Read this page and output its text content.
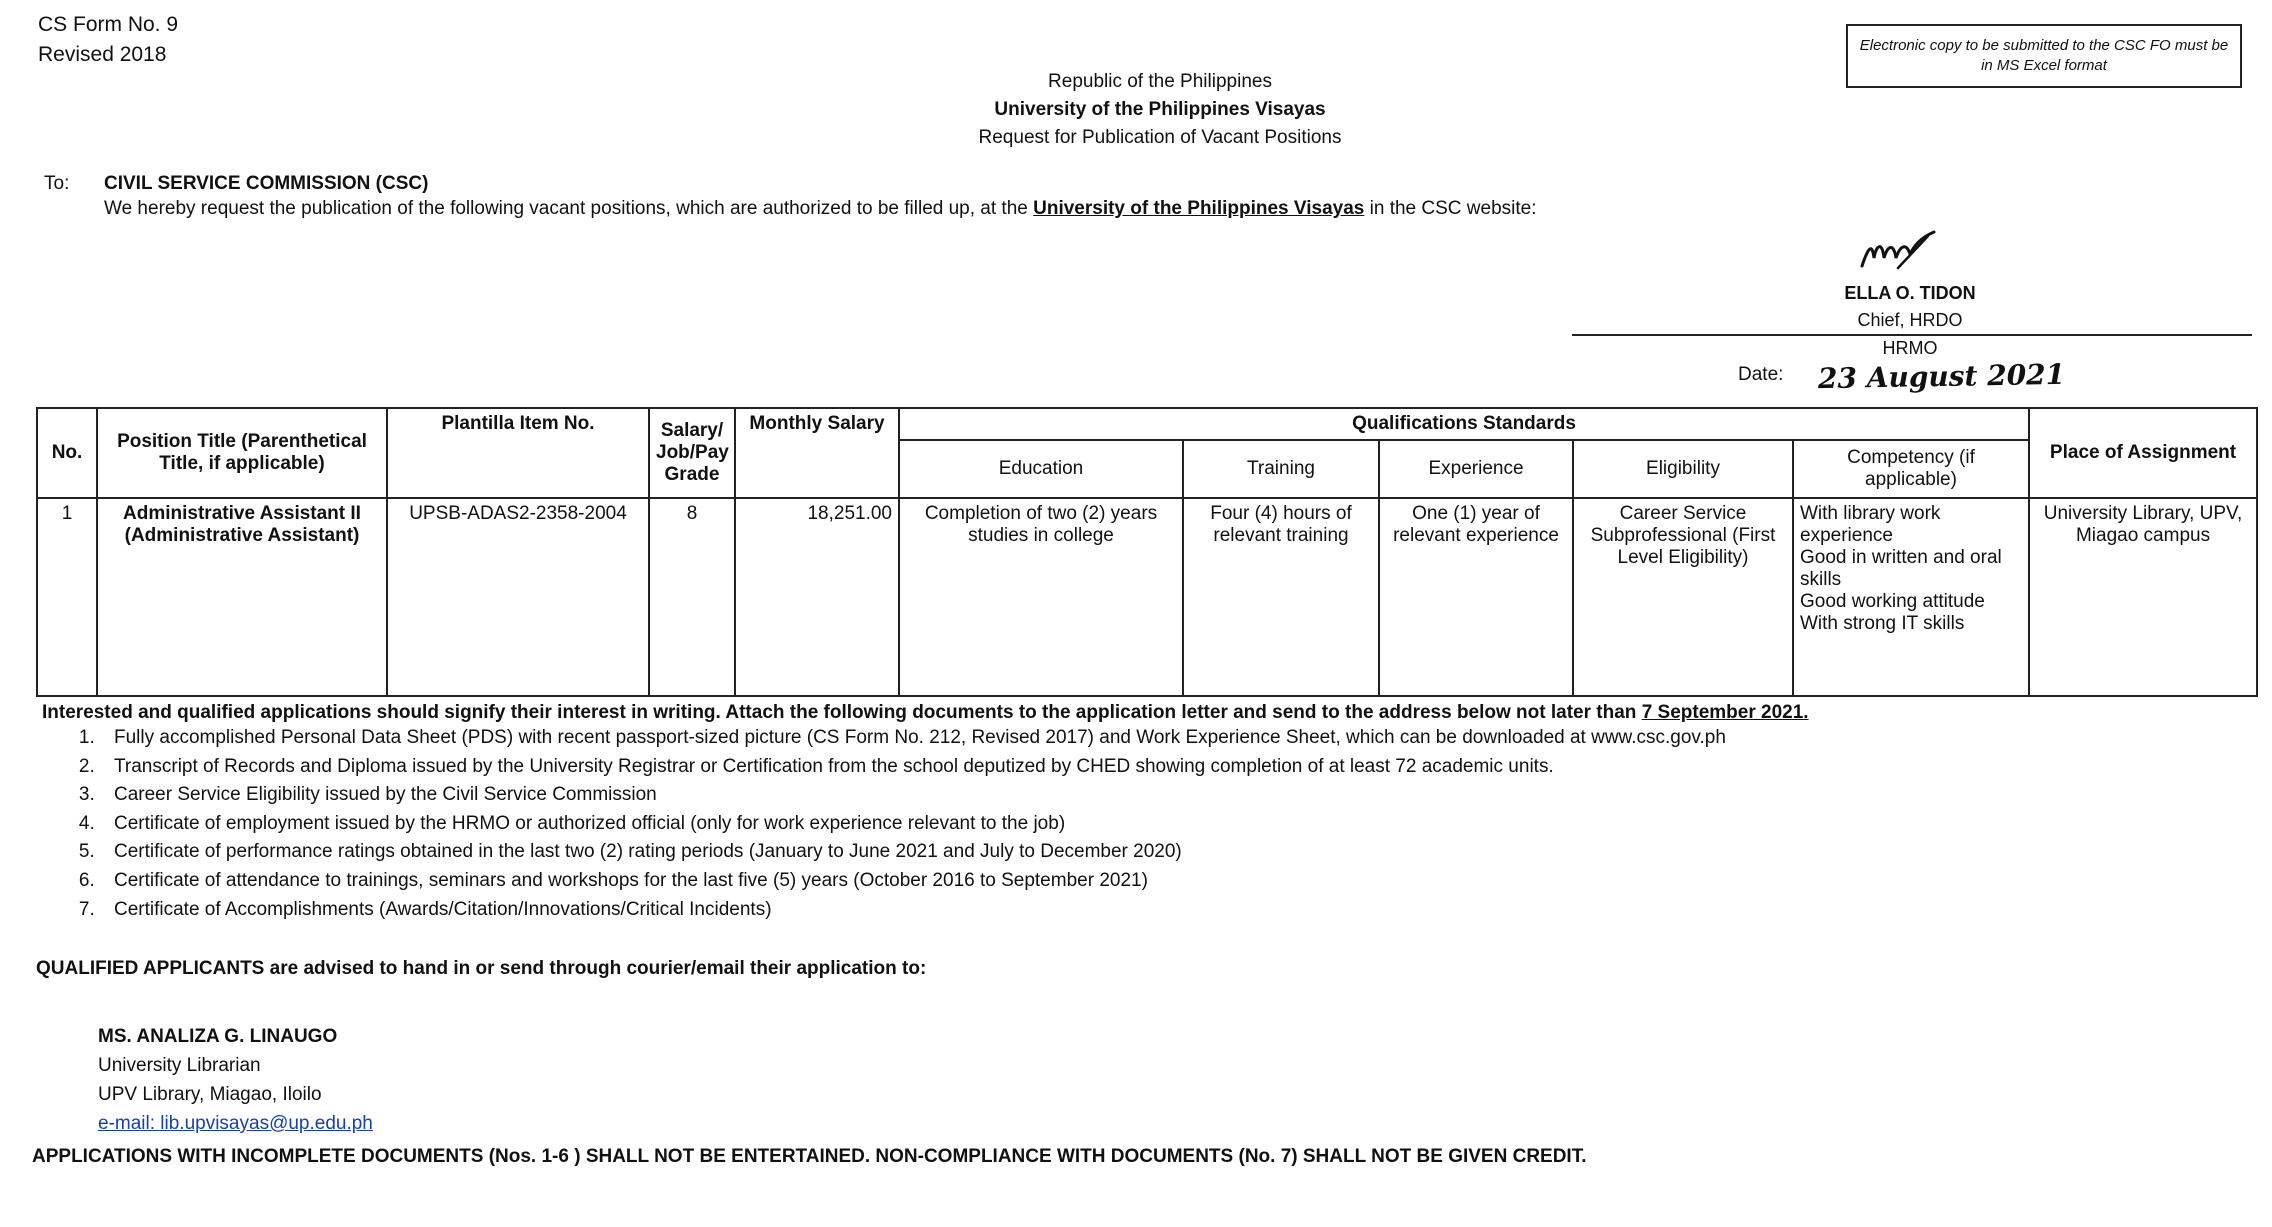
CS Form No. 9
Revised 2018	Electronic copy to be submitted to the CSC FO must be in MS Excel format
Republic of the Philippines
University of the Philippines Visayas
Request for Publication of Vacant Positions
To: CIVIL SERVICE COMMISSION (CSC)
We hereby request the publication of the following vacant positions, which are authorized to be filled up, at the University of the Philippines Visayas in the CSC website:
ELLA O. TIDON
Chief, HRDO
HRMO
Date: 23 August 2021
No.	Position Title (Parenthetical Title, if applicable)	Plantilla Item No.	Salary/ Job/Pay Grade	Monthly Salary	Qualifications Standards					Place of Assignment
					Education	Training	Experience	Eligibility	Competency (if applicable)	
1	Administrative Assistant II (Administrative Assistant)	UPSB-ADAS2-2358-2004	8	18,251.00	Completion of two (2) years studies in college	Four (4) hours of relevant training	One (1) year of relevant experience	Career Service Subprofessional (First Level Eligibility)	With library work experience
Good in written and oral skills
Good working attitude
With strong IT skills	University Library, UPV, Miagao campus
Interested and qualified applications should signify their interest in writing. Attach the following documents to the application letter and send to the address below not later than 7 September 2021.
1. Fully accomplished Personal Data Sheet (PDS) with recent passport-sized picture (CS Form No. 212, Revised 2017) and Work Experience Sheet, which can be downloaded at www.csc.gov.ph
2. Transcript of Records and Diploma issued by the University Registrar or Certification from the school deputized by CHED showing completion of at least 72 academic units.
3. Career Service Eligibility issued by the Civil Service Commission
4. Certificate of employment issued by the HRMO or authorized official (only for work experience relevant to the job)
5. Certificate of performance ratings obtained in the last two (2) rating periods (January to June 2021 and July to December 2020)
6. Certificate of attendance to trainings, seminars and workshops for the last five (5) years (October 2016 to September 2021)
7. Certificate of Accomplishments (Awards/Citation/Innovations/Critical Incidents)
QUALIFIED APPLICANTS are advised to hand in or send through courier/email their application to:
MS. ANALIZA G. LINAUGO
University Librarian
UPV Library, Miagao, Iloilo
e-mail: lib.upvisayas@up.edu.ph
APPLICATIONS WITH INCOMPLETE DOCUMENTS (Nos. 1-6 ) SHALL NOT BE ENTERTAINED. NON-COMPLIANCE WITH DOCUMENTS (No. 7) SHALL NOT BE GIVEN CREDIT.
